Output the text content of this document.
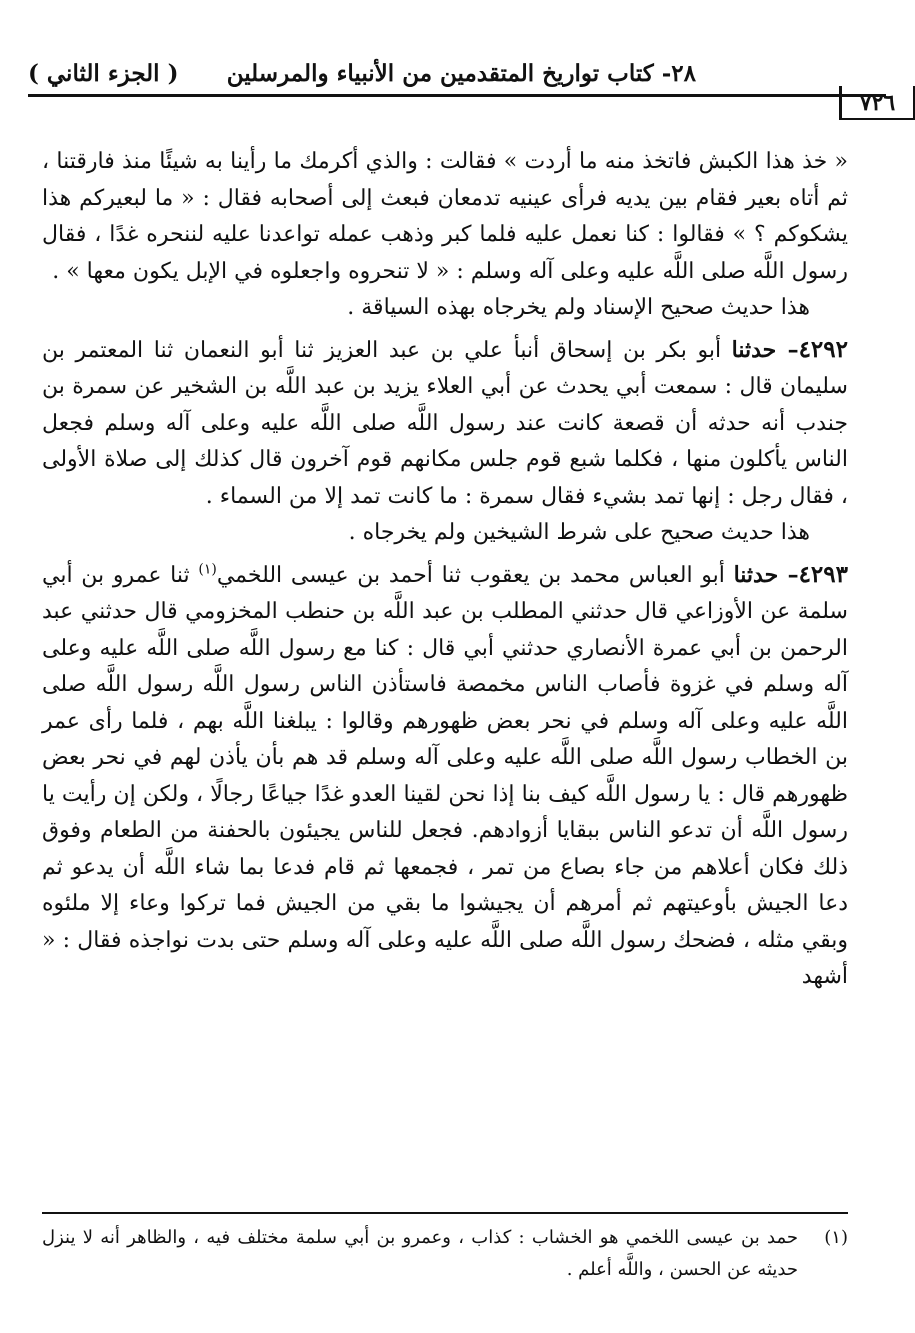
٢٨- كتاب تواريخ المتقدمين من الأنبياء والمرسلين
( الجزء الثاني )
٧٢٦

« خذ هذا الكبش فاتخذ منه ما أردت » فقالت : والذي أكرمك ما رأينا به شيئًا منذ فارقتنا ، ثم أتاه بعير فقام بين يديه فرأى عينيه تدمعان فبعث إلى أصحابه فقال : « ما لبعيركم هذا يشكوكم ؟ » فقالوا : كنا نعمل عليه فلما كبر وذهب عمله تواعدنا عليه لننحره غدًا ، فقال رسول اللَّه صلى اللَّه عليه وعلى آله وسلم : « لا تنحروه واجعلوه في الإبل يكون معها » .

هذا حديث صحيح الإسناد ولم يخرجاه بهذه السياقة .

٤٢٩٢– حدثنا أبو بكر بن إسحاق أنبأ علي بن عبد العزيز ثنا أبو النعمان ثنا المعتمر بن سليمان قال : سمعت أبي يحدث عن أبي العلاء يزيد بن عبد اللَّه بن الشخير عن سمرة بن جندب أنه حدثه أن قصعة كانت عند رسول اللَّه صلى اللَّه عليه وعلى آله وسلم فجعل الناس يأكلون منها ، فكلما شبع قوم جلس مكانهم قوم آخرون قال كذلك إلى صلاة الأولى ، فقال رجل : إنها تمد بشيء فقال سمرة : ما كانت تمد إلا من السماء .

هذا حديث صحيح على شرط الشيخين ولم يخرجاه .

٤٢٩٣– حدثنا أبو العباس محمد بن يعقوب ثنا أحمد بن عيسى اللخمي$^{(١)}$ ثنا عمرو بن أبي سلمة عن الأوزاعي قال حدثني المطلب بن عبد اللَّه بن حنطب المخزومي قال حدثني عبد الرحمن بن أبي عمرة الأنصاري حدثني أبي قال : كنا مع رسول اللَّه صلى اللَّه عليه وعلى آله وسلم في غزوة فأصاب الناس مخمصة فاستأذن الناس رسول اللَّه رسول اللَّه صلى اللَّه عليه وعلى آله وسلم في نحر بعض ظهورهم وقالوا : يبلغنا اللَّه بهم ، فلما رأى عمر بن الخطاب رسول اللَّه صلى اللَّه عليه وعلى آله وسلم قد هم بأن يأذن لهم في نحر بعض ظهورهم قال : يا رسول اللَّه كيف بنا إذا نحن لقينا العدو غدًا جياعًا رجالًا ، ولكن إن رأيت يا رسول اللَّه أن تدعو الناس ببقايا أزوادهم. فجعل للناس يجيئون بالحفنة من الطعام وفوق ذلك فكان أعلاهم من جاء بصاع من تمر ، فجمعها ثم قام فدعا بما شاء اللَّه أن يدعو ثم دعا الجيش بأوعيتهم ثم أمرهم أن يجيشوا ما بقي من الجيش فما تركوا وعاء إلا ملئوه وبقي مثله ، فضحك رسول اللَّه صلى اللَّه عليه وعلى آله وسلم حتى بدت نواجذه فقال : « أشهد

(١)حمد بن عيسى اللخمي هو الخشاب : كذاب ، وعمرو بن أبي سلمة مختلف فيه ، والظاهر أنه لا ينزل حديثه عن الحسن ، واللَّه أعلم .
